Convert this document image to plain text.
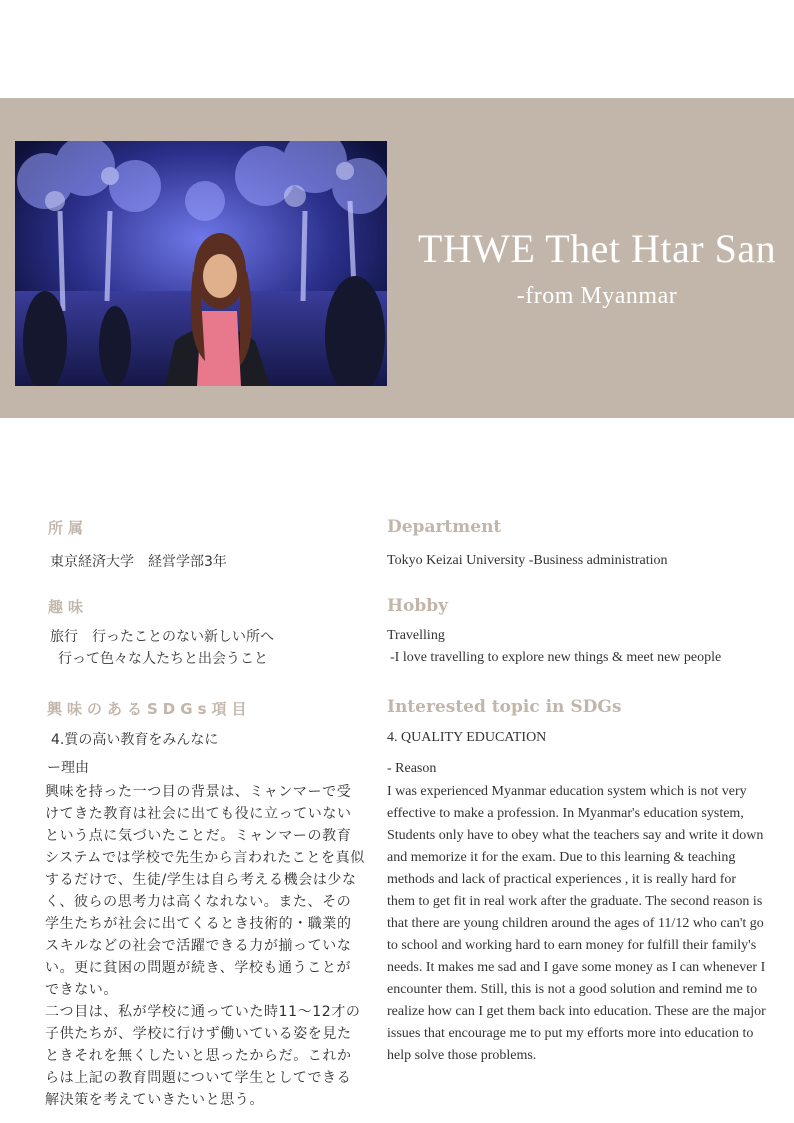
THWE Thet Htar San
-from Myanmar
所属
東京経済大学　経営学部3年
趣味
旅行　行ったことのない新しい所へ
行って色々な人たちと出会うこと
興味のあるSDGs項目
4.質の高い教育をみんなに
ー理由

興味を持った一つ目の背景は、ミャンマーで受けてきた教育は社会に出ても役に立っていないという点に気づいたことだ。ミャンマーの教育システムでは学校で先生から言われたことを真似するだけで、生徒/学生は自ら考える機会は少なく、彼らの思考力は高くなれない。また、その学生たちが社会に出てくるとき技術的・職業的スキルなどの社会で活躍できる力が揃っていない。更に貧困の問題が続き、学校も通うことができない。

二つ目は、私が学校に通っていた時11～12才の子供たちが、学校に行けず働いている姿を見たときそれを無くしたいと思ったからだ。これからは上記の教育問題について学生としてできる解決策を考えていきたいと思う。

Department
Tokyo Keizai University -Business administration
Hobby
Travelling
-I love travelling to explore new things & meet new people
Interested topic in SDGs
4. QUALITY EDUCATION
- Reason
I was experienced Myanmar education system which is not very effective to make a profession. In Myanmar's education system, Students only have to obey what the teachers say and write it down and memorize it for the exam. Due to this learning & teaching methods and lack of practical experiences , it is really hard for them to get fit in real work after the graduate. The second reason is that there are young children around the ages of 11/12 who can't go to school and working hard to earn money for fulfill their family's needs. It makes me sad and I gave some money as I can whenever I encounter them. Still, this is not a good solution and remind me to realize how can I get them back into education. These are the major issues that encourage me to put my efforts more into education to help solve those problems.
